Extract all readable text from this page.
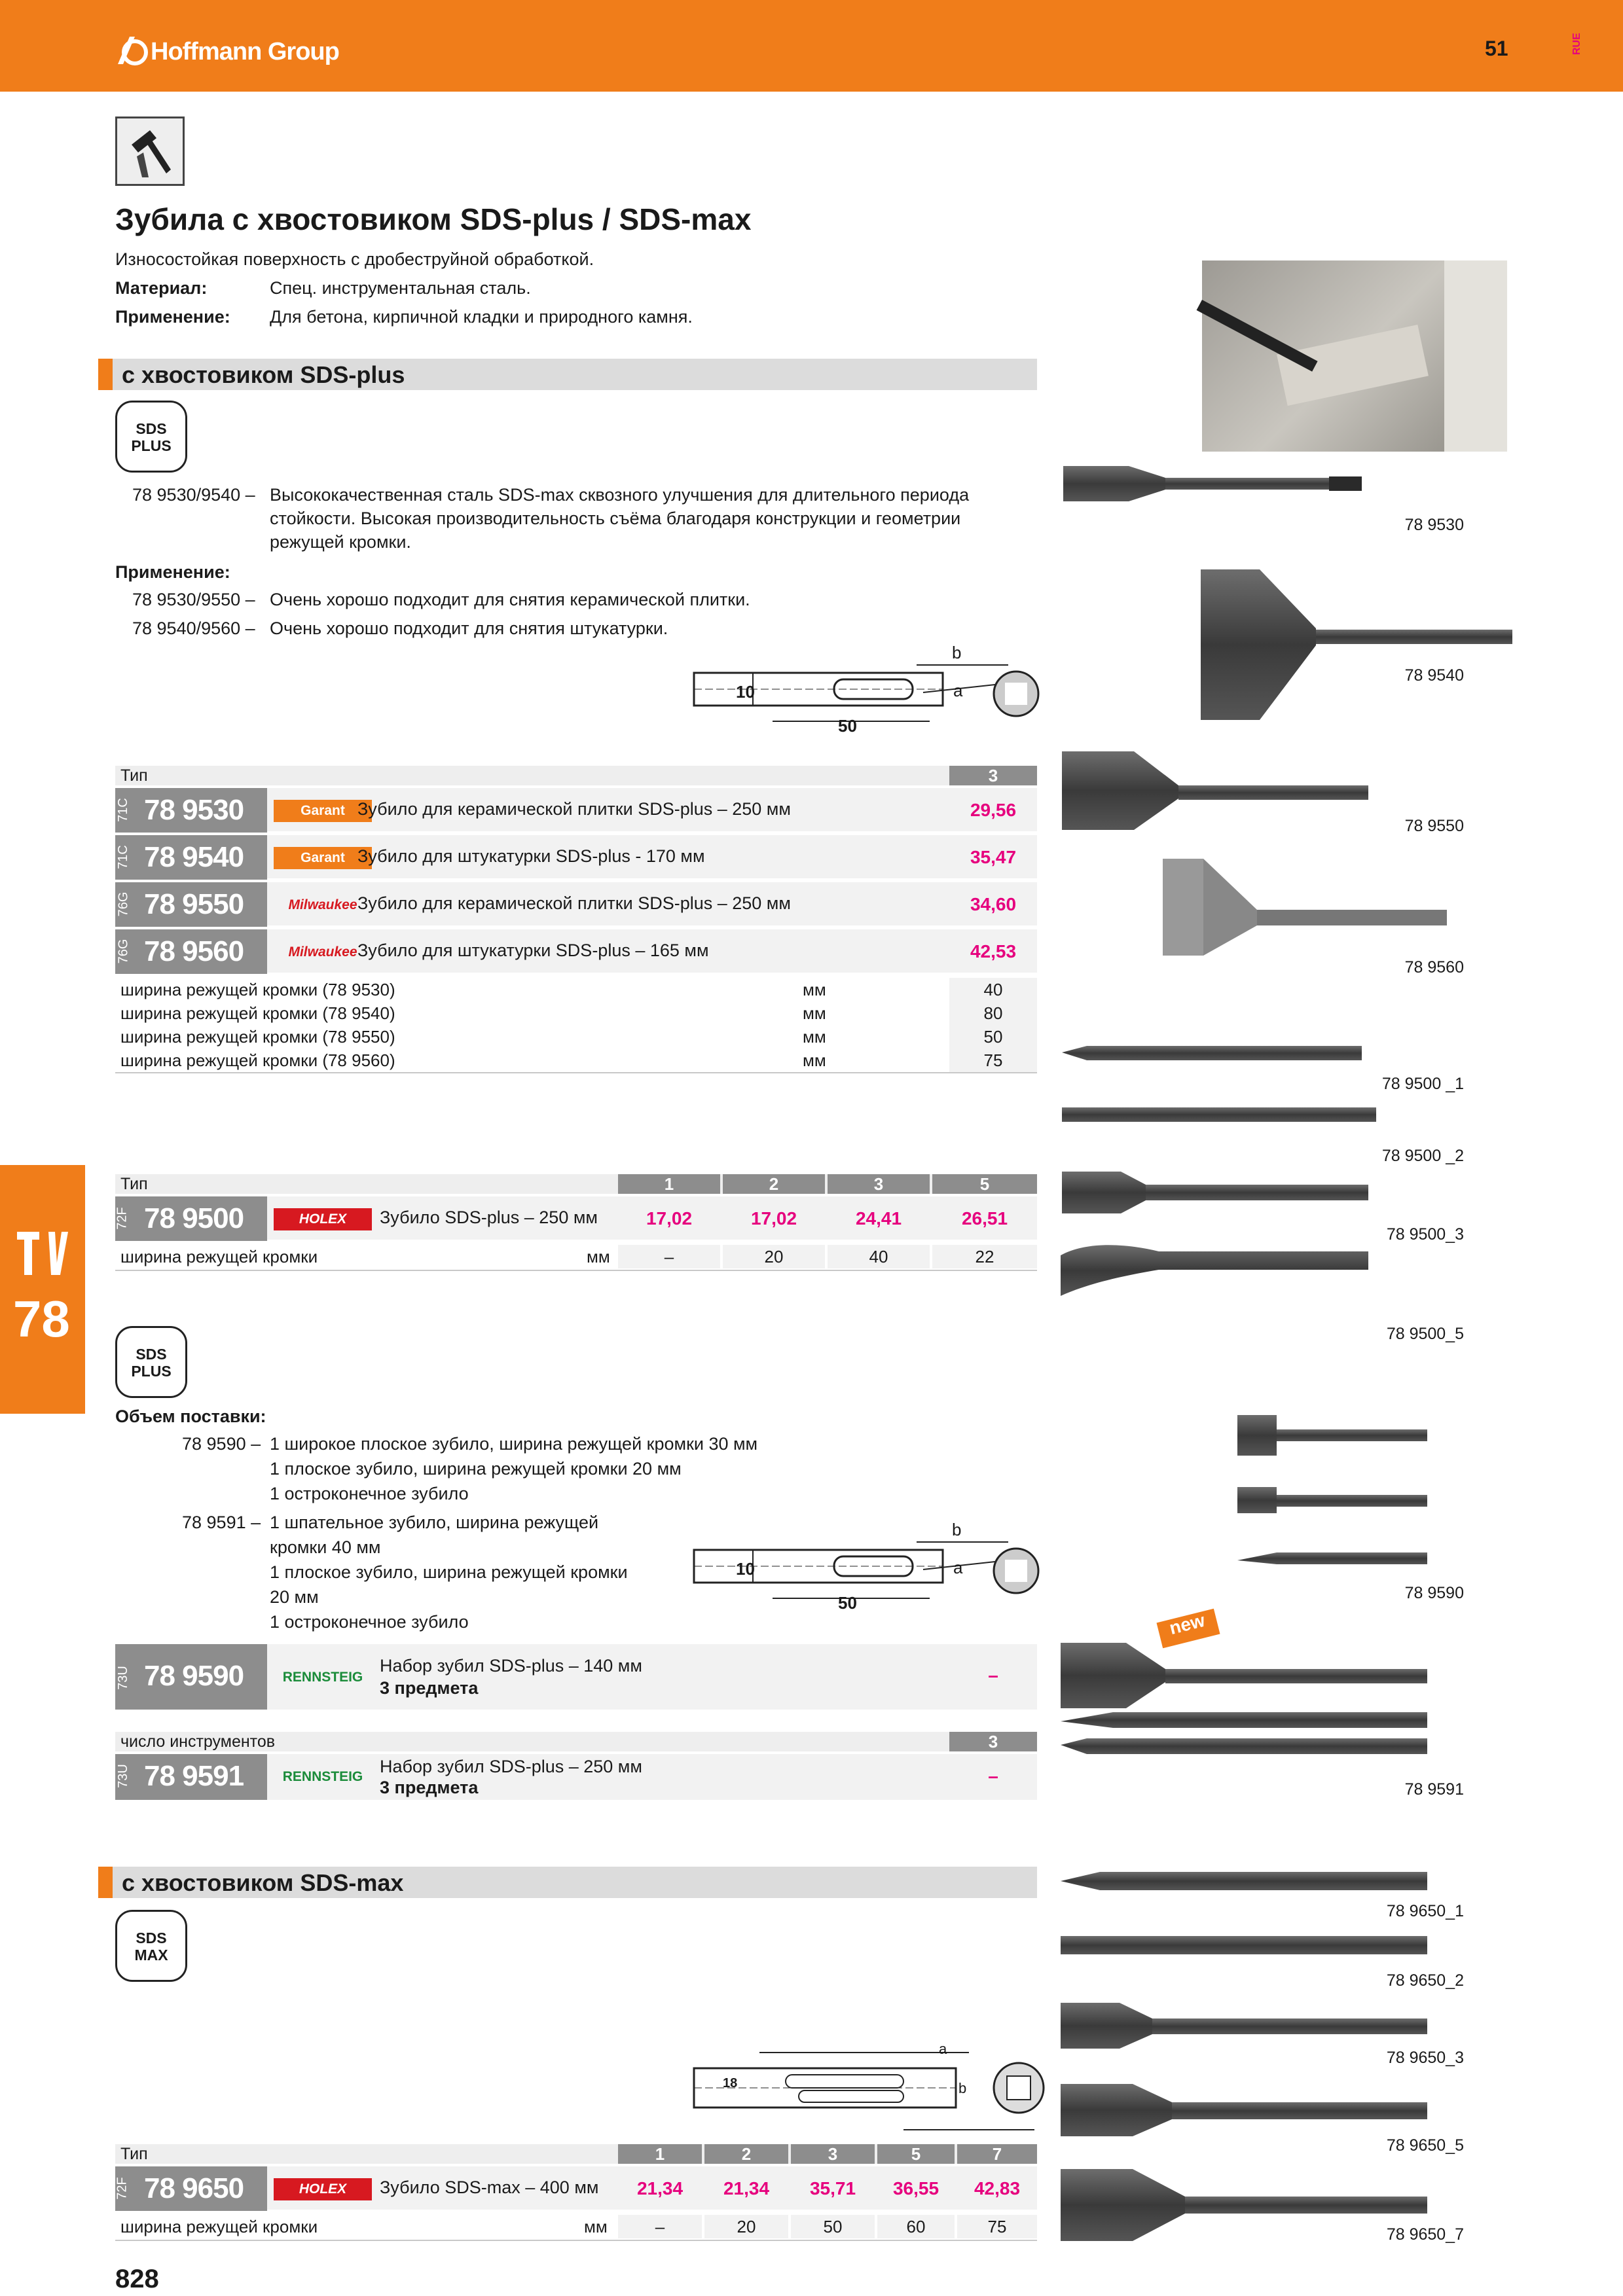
Hoffmann Group	51	RUE
Зубила с хвостовиком SDS-plus / SDS-max
Износостойкая поверхность с дробеструйной обработкой.
Материал:	Спец. инструментальная сталь.
Применение: Для бетона, кирпичной кладки и природного камня.
с хвостовиком SDS-plus
SDS
PLUS
78 9530/9540 – Высококачественная сталь SDS-max сквозного улучшения для длительного периода
стойкости. Высокая производительность съёма благодаря конструкции и геометрии
режущей кромки.
Применение:
78 9530/9550 – Очень хорошо подходит для снятия керамической плитки.
78 9540/9560 – Очень хорошо подходит для снятия штукатурки.
b
a
10
50
Тип	3
71C 78 9530	Garant Зубило для керамической плитки SDS-plus – 250 мм	29,56
71C 78 9540	Garant Зубило для штукатурки SDS-plus - 170 мм	35,47
76G 78 9550	Milwaukee Зубило для керамической плитки SDS-plus – 250 мм	34,60
76G 78 9560	Milwaukee Зубило для штукатурки SDS-plus – 165 мм	42,53
ширина режущей кромки (78 9530)	мм	40
ширина режущей кромки (78 9540)	мм	80
ширина режущей кромки (78 9550)	мм	50
ширина режущей кромки (78 9560)	мм	75
Тип	1	2	3	5
72F 78 9500	HOLEX	Зубило SDS-plus – 250 мм	17,02	17,02	24,41	26,51
ширина режущей кромки	мм	–	20	40	22
78
SDS
PLUS
Объем поставки:
78 9590 – 1 широкое плоское зубило, ширина режущей кромки 30 мм
1 плоское зубило, ширина режущей кромки 20 мм
1 остроконечное зубило
78 9591 – 1 шпательное зубило, ширина режущей
кромки 40 мм
1 плоское зубило, ширина режущей кромки
20 мм
1 остроконечное зубило
b
a
10
50
73U 78 9590	RENNSTEIG
Набор зубил SDS-plus – 140 мм
3 предмета
–
число инструментов	3
73U 78 9591	RENNSTEIG
Набор зубил SDS-plus – 250 мм
3 предмета
–
с хвостовиком SDS-max
SDS
MAX
a
b
18
Тип	1	2	3	5	7
72F 78 9650	HOLEX	Зубило SDS-max – 400 мм	21,34	21,34	35,71	36,55	42,83
ширина режущей кромки	мм	–	20	50	60	75
828
new
78 9530
78 9540
78 9550
78 9560
78 9500 _1
78 9500 _2
78 9500_3
78 9500_5
78 9590
78 9591
78 9650_1
78 9650_2
78 9650_3
78 9650_5
78 9650_7
